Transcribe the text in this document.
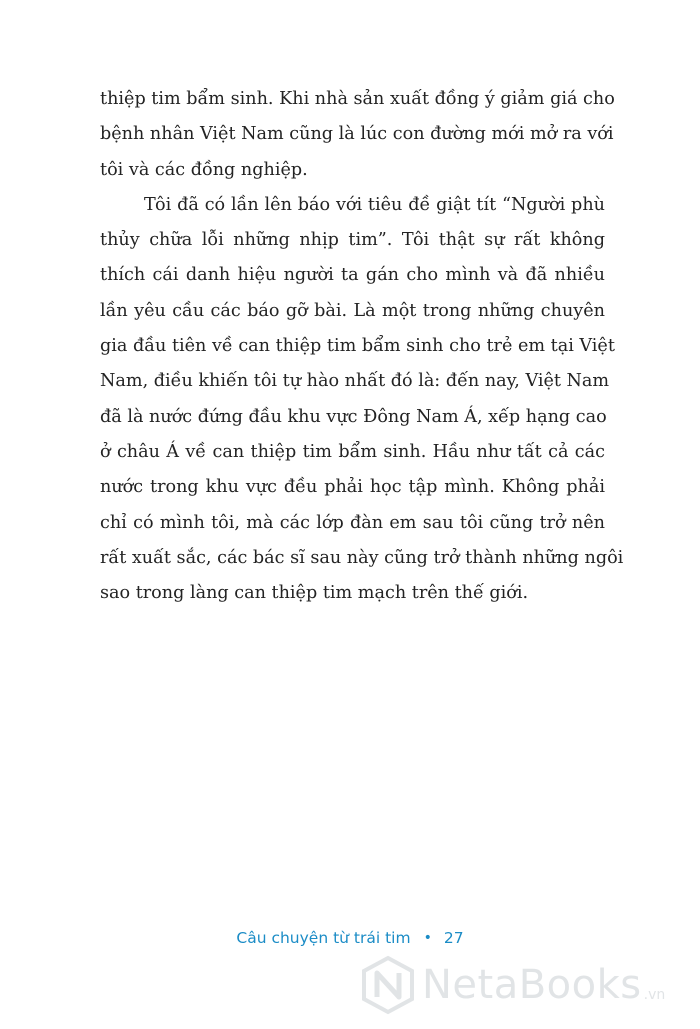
thiệp tim bẩm sinh. Khi nhà sản xuất đồng ý giảm giá cho
bệnh nhân Việt Nam cũng là lúc con đường mới mở ra với
tôi và các đồng nghiệp.
Tôi đã có lần lên báo với tiêu đề giật tít “Người phù
thủy chữa lỗi những nhịp tim”. Tôi thật sự rất không
thích cái danh hiệu người ta gán cho mình và đã nhiều
lần yêu cầu các báo gỡ bài. Là một trong những chuyên
gia đầu tiên về can thiệp tim bẩm sinh cho trẻ em tại Việt
Nam, điều khiến tôi tự hào nhất đó là: đến nay, Việt Nam
đã là nước đứng đầu khu vực Đông Nam Á, xếp hạng cao
ở châu Á về can thiệp tim bẩm sinh. Hầu như tất cả các
nước trong khu vực đều phải học tập mình. Không phải
chỉ có mình tôi, mà các lớp đàn em sau tôi cũng trở nên
rất xuất sắc, các bác sĩ sau này cũng trở thành những ngôi
sao trong làng can thiệp tim mạch trên thế giới.
Câu chuyện từ trái tim • 27
NetaBooks .vn
